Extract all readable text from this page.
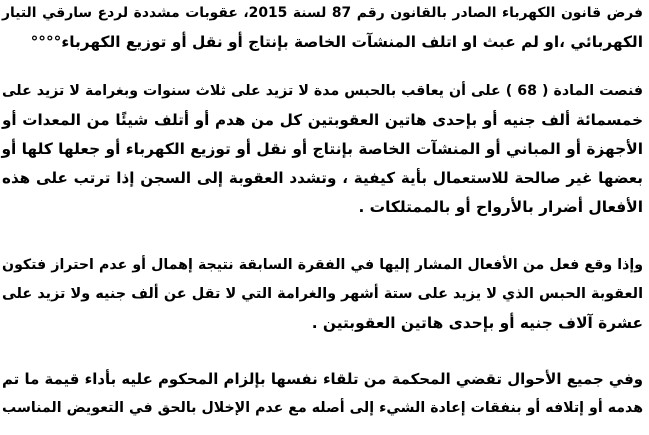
فرض قانون الكهرباء الصادر بالقانون رقم 87 لسنة 2015، عقوبات مشددة لردع سارقي التيار
الكهربائي ،او لم عبث او اتلف المنشآت الخاصة بإنتاج أو نقل أو توزيع الكهرباء°°°°
فنصت المادة ( 68 ) على أن يعاقب بالحبس مدة لا تزيد على ثلاث سنوات وبغرامة لا تزيد على
خمسمائة ألف جنيه أو بإحدى هاتين العقوبتين كل من هدم أو أتلف شيئًا من المعدات أو
الأجهزة أو المباني أو المنشآت الخاصة بإنتاج أو نقل أو توزيع الكهرباء أو جعلها كلها أو
بعضها غير صالحة للاستعمال بأية كيفية ، وتشدد العقوبة إلى السجن إذا ترتب على هذه
الأفعال أضرار بالأرواح أو بالممتلكات .
وإذا وقع فعل من الأفعال المشار إليها في الفقرة السابقة نتيجة إهمال أو عدم احتراز فتكون
العقوبة الحبس الذي لا يزيد على ستة أشهر والغرامة التي لا تقل عن ألف جنيه ولا تزيد على
عشرة آلاف جنيه أو بإحدى هاتين العقوبتين .
وفي جميع الأحوال تقضي المحكمة من تلقاء نفسها بإلزام المحكوم عليه بأداء قيمة ما تم
هدمه أو إتلافه أو بنفقات إعادة الشيء إلى أصله مع عدم الإخلال بالحق في التعويض المناسب
